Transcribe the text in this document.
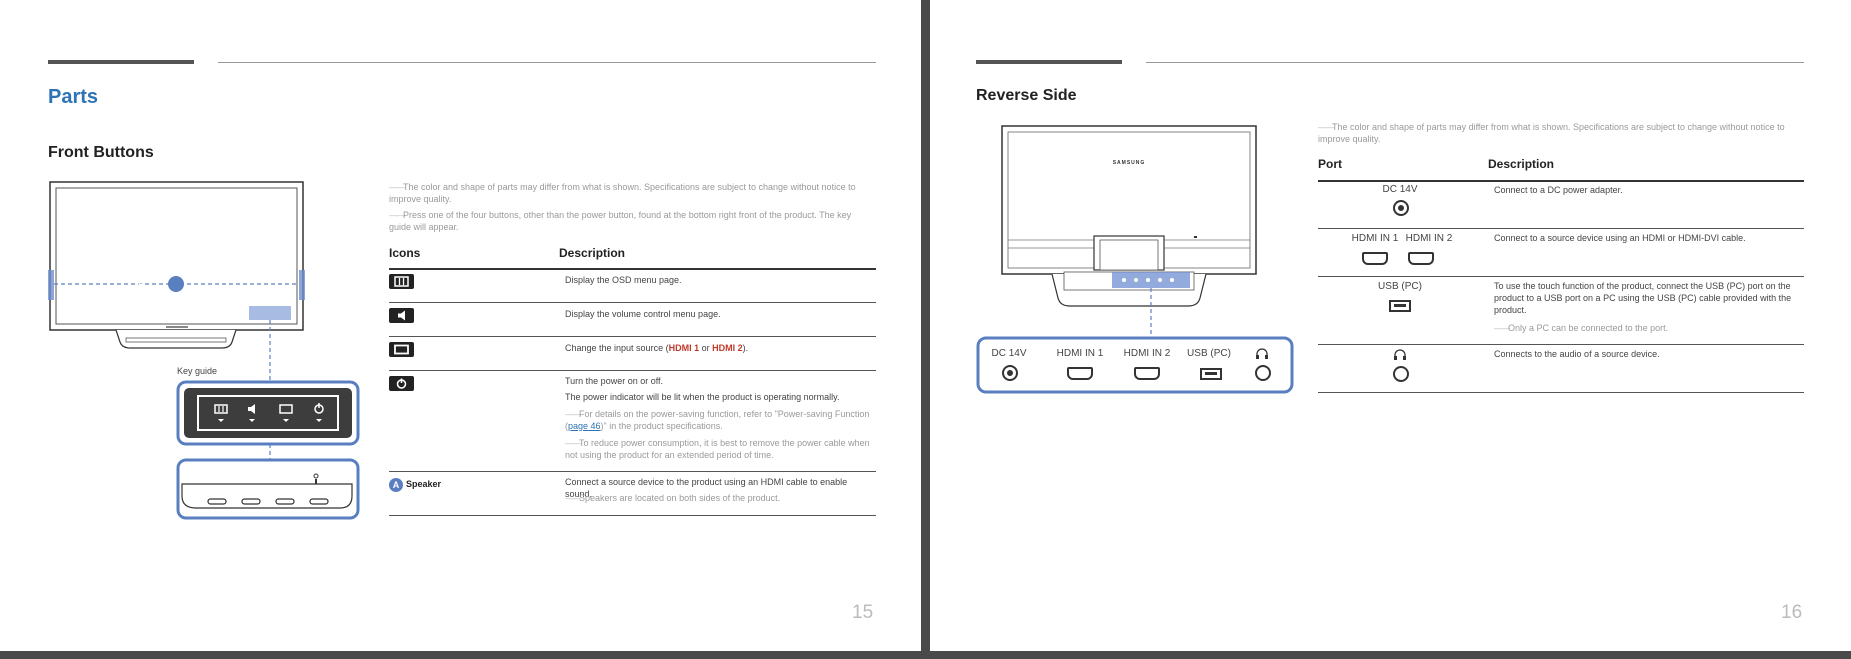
Parts
Front Buttons
A
Key guide
—— The color and shape of parts may differ from what is shown. Specifications are subject to change without notice to improve quality.
—— Press one of the four buttons, other than the power button, found at the bottom right front of the product. The key guide will appear.
Icons	Description
Display the OSD menu page.
Display the volume control menu page.
Change the input source (HDMI 1 or HDMI 2).
Turn the power on or off.
The power indicator will be lit when the product is operating normally.
—— For details on the power-saving function, refer to "Power-saving Function (page 46)" in the product specifications.
—— To reduce power consumption, it is best to remove the power cable when not using the product for an extended period of time.
A Speaker	Connect a source device to the product using an HDMI cable to enable sound.
—— Speakers are located on both sides of the product.
15
Reverse Side
SAMSUNG
DC 14V	HDMI IN 1	HDMI IN 2	USB (PC)
—— The color and shape of parts may differ from what is shown. Specifications are subject to change without notice to improve quality.
Port	Description
DC 14V	Connect to a DC power adapter.
HDMI IN 1 HDMI IN 2	Connect to a source device using an HDMI or HDMI-DVI cable.
USB (PC)	To use the touch function of the product, connect the USB (PC) port on the product to a USB port on a PC using the USB (PC) cable provided with the product.
—— Only a PC can be connected to the port.
Connects to the audio of a source device.
16
